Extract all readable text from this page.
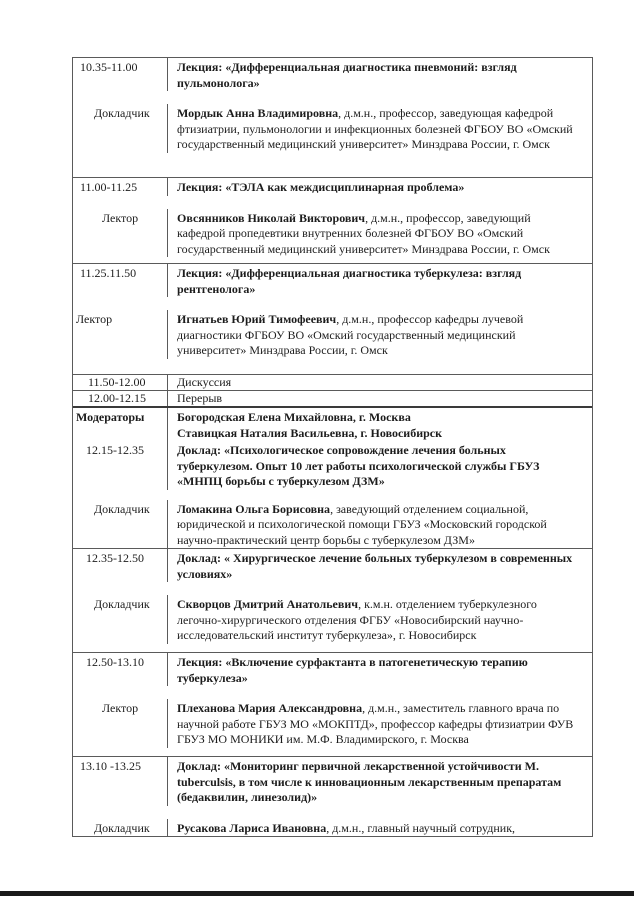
10.35-11.00	Лекция: «Дифференциальная диагностика пневмоний: взгляд пульмонолога»
Докладчик	Мордык Анна Владимировна, д.м.н., профессор, заведующая кафедрой фтизиатрии, пульмонологии и инфекционных болезней ФГБОУ ВО «Омский государственный медицинский университет» Минздрава России, г. Омск
11.00-11.25	Лекция: «ТЭЛА как междисциплинарная проблема»
Лектор	Овсянников Николай Викторович, д.м.н., профессор, заведующий кафедрой пропедевтики внутренних болезней ФГБОУ ВО «Омский государственный медицинский университет» Минздрава России, г. Омск
11.25.11.50	Лекция: «Дифференциальная диагностика туберкулеза: взгляд рентгенолога»
Лектор	Игнатьев Юрий Тимофеевич, д.м.н., профессор кафедры лучевой диагностики ФГБОУ ВО «Омский государственный медицинский университет» Минздрава России, г. Омск
11.50-12.00	Дискуссия
12.00-12.15	Перерыв
Модераторы	Богородская Елена Михайловна, г. Москва
Ставицкая Наталия Васильевна, г. Новосибирск
12.15-12.35	Доклад: «Психологическое сопровождение лечения больных туберкулезом. Опыт 10 лет работы психологической службы ГБУЗ «МНПЦ борьбы с туберкулезом ДЗМ»
Докладчик	Ломакина Ольга Борисовна, заведующий отделением социальной, юридической и психологической помощи ГБУЗ «Московский городской научно-практический центр борьбы с туберкулезом ДЗМ»
12.35-12.50	Доклад: « Хирургическое лечение больных туберкулезом в современных условиях»
Докладчик	Скворцов Дмитрий Анатольевич, к.м.н. отделением туберкулезного легочно-хирургического отделения ФГБУ «Новосибирский научно-исследовательский институт туберкулеза», г. Новосибирск
12.50-13.10	Лекция: «Включение сурфактанта в патогенетическую терапию туберкулеза»
Лектор	Плеханова Мария Александровна, д.м.н., заместитель главного врача по научной работе ГБУЗ МО «МОКПТД», профессор кафедры фтизиатрии ФУВ ГБУЗ МО МОНИКИ им. М.Ф. Владимирского, г. Москва
13.10 -13.25	Доклад: «Мониторинг первичной лекарственной устойчивости M. tuberculsis, в том числе к инновационным лекарственным препаратам (бедаквилин, линезолид)»
Докладчик	Русакова Лариса Ивановна, д.м.н., главный научный сотрудник,
